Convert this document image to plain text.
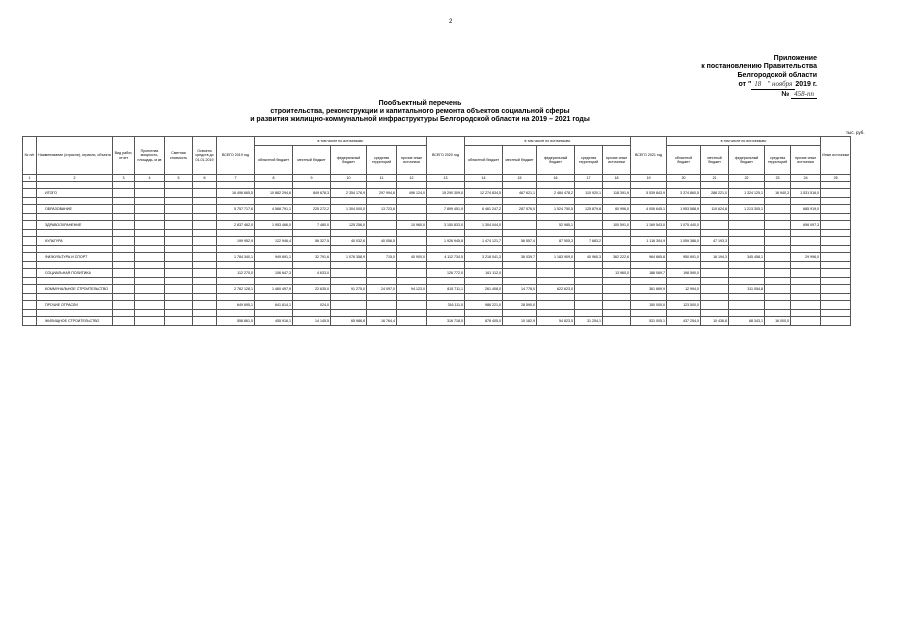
2
Приложение
к постановлению Правительства
Белгородской области
от " 18 " ноября 2019 г.
№ 458-пп
Пообъектный перечень
строительства, реконструкции и капитального ремонта объектов социальной сферы
и развития жилищно-коммунальной инфраструктуры Белгородской области на 2019 – 2021 годы
тыс. руб.
№ п/п	Наименование (отрасли), отрасли, объекта	Вид работ, отчет	Проектная мощность, площадь, м кв	Сметная стоимость	Освоено средств до 01.01.2019	ВСЕГО 2019 год	в том числе по источникам:					ВСЕГО 2020 год	в том числе по источникам:					ВСЕГО 2021 год	в том числе по источникам:					Иные источники
							областной бюджет	местный бюджет	федеральный бюджет	средства территорий	прочие иные источники		областной бюджет	местный бюджет	федеральный бюджет	средства территорий	прочие иные источники		областной бюджет	местный бюджет	федеральный бюджет	средства территорий	прочие иные источники	
1	2	3	4	5	6	7	8	9	10	11	12	13	14	15	16	17	18	19	20	21	22	23	24	25

	ИТОГО					16 496 665,5	10 882 294,6	849 678,3	2 354 176,9	297 994,6	496 124,0	15 290 309,0	12 274 834,5	467 621,1	2 484 478,2	110 920,1	118 391,9	5 539 843,9	3 374 860,5	288 221,0	1 324 125,1	16 940,3	1 531 516,0	

	ОБРАЗОВАНИЕ					5 757 717,6	4 568 791,1	225 272,2	1 304 000,0	13 723,6		7 899 451,9	6 461 247,2	287 576,0	1 524 750,5	125 879,8	60 996,0	4 006 645,1	1 953 588,9	110 624,8	1 213 305,1		685 919,0	

	ЗДРАВООХРАНЕНИЕ					2 837 462,0	1 953 466,0	7 480,0	125 256,0		10 960,0	3 150 833,0	1 304 044,0		52 985,1		100 591,0	1 169 543,0	1 075 440,0				696 097,3	

	КУЛЬТУРА					199 952,9	122 946,4	56 327,5	40 032,6	40 056,5		1 926 945,8	1 474 121,7	56 557,4	87 505,3	7 683,2		1 116 304,9	1 059 386,0	47 193,3				

	ФИЗКУЛЬТУРА И СПОРТ					1 784 340,1	949 691,1	32 791,6	1 076 358,9	715,0	40 900,0	4 112 734,5	3 218 041,3	36 039,7	1 183 909,0	40 960,3	362 222,6	964 665,8	950 691,0	16 194,3	345 458,1		29 996,0	

	СОЦИАЛЬНАЯ ПОЛИТИКА					112 270,0	106 647,3	4 633,0				126 772,0	161 112,0				13 960,0	188 069,7	198 590,0					

	КОММУНАЛЬНОЕ СТРОИТЕЛЬСТВО					2 762 128,1	1 460 497,9	22 635,0	91 275,0	24 097,0	94 123,0	815 711,1	261 408,0	14 778,0	622 623,0			361 669,9	12 994,0		311 054,8			

	ПРОЧИЕ ОТРАСЛИ					649 695,1	641 614,1	024,0				316 111,0	986 221,0	28 590,0				150 000,0	123 500,0					

	ЖИЛИЩНОЕ СТРОИТЕЛЬСТВО					558 861,5	455 916,1	14 145,5	65 986,8	16 764,4		316 718,5	878 405,0	10 182,9	54 823,5	31 254,1		531 005,1	437 254,0	10 436,8	68 343,1	16 000,0		
